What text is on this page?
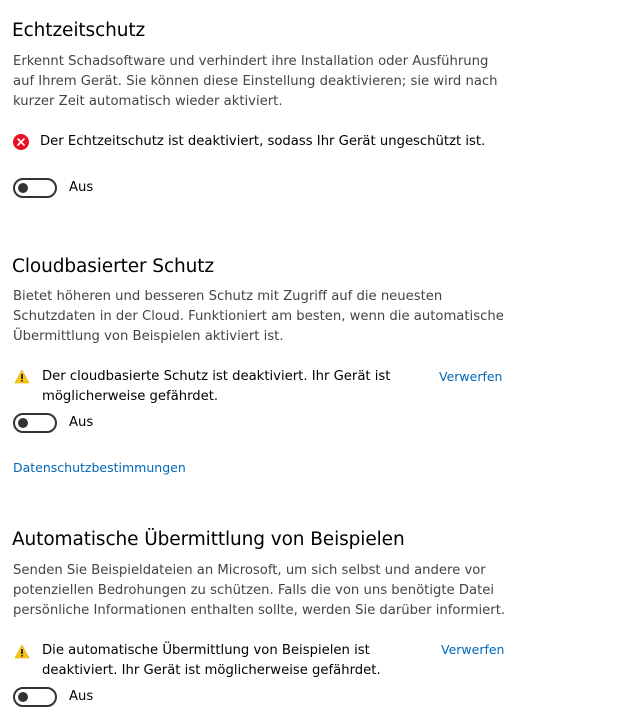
Echtzeitschutz
Erkennt Schadsoftware und verhindert ihre Installation oder Ausführung auf Ihrem Gerät. Sie können diese Einstellung deaktivieren; sie wird nach kurzer Zeit automatisch wieder aktiviert.
Der Echtzeitschutz ist deaktiviert, sodass Ihr Gerät ungeschützt ist.
Aus
Cloudbasierter Schutz
Bietet höheren und besseren Schutz mit Zugriff auf die neuesten Schutzdaten in der Cloud. Funktioniert am besten, wenn die automatische Übermittlung von Beispielen aktiviert ist.
Der cloudbasierte Schutz ist deaktiviert. Ihr Gerät ist möglicherweise gefährdet.
Verwerfen
Aus
Datenschutzbestimmungen
Automatische Übermittlung von Beispielen
Senden Sie Beispieldateien an Microsoft, um sich selbst und andere vor potenziellen Bedrohungen zu schützen. Falls die von uns benötigte Datei persönliche Informationen enthalten sollte, werden Sie darüber informiert.
Die automatische Übermittlung von Beispielen ist deaktiviert. Ihr Gerät ist möglicherweise gefährdet.
Verwerfen
Aus
